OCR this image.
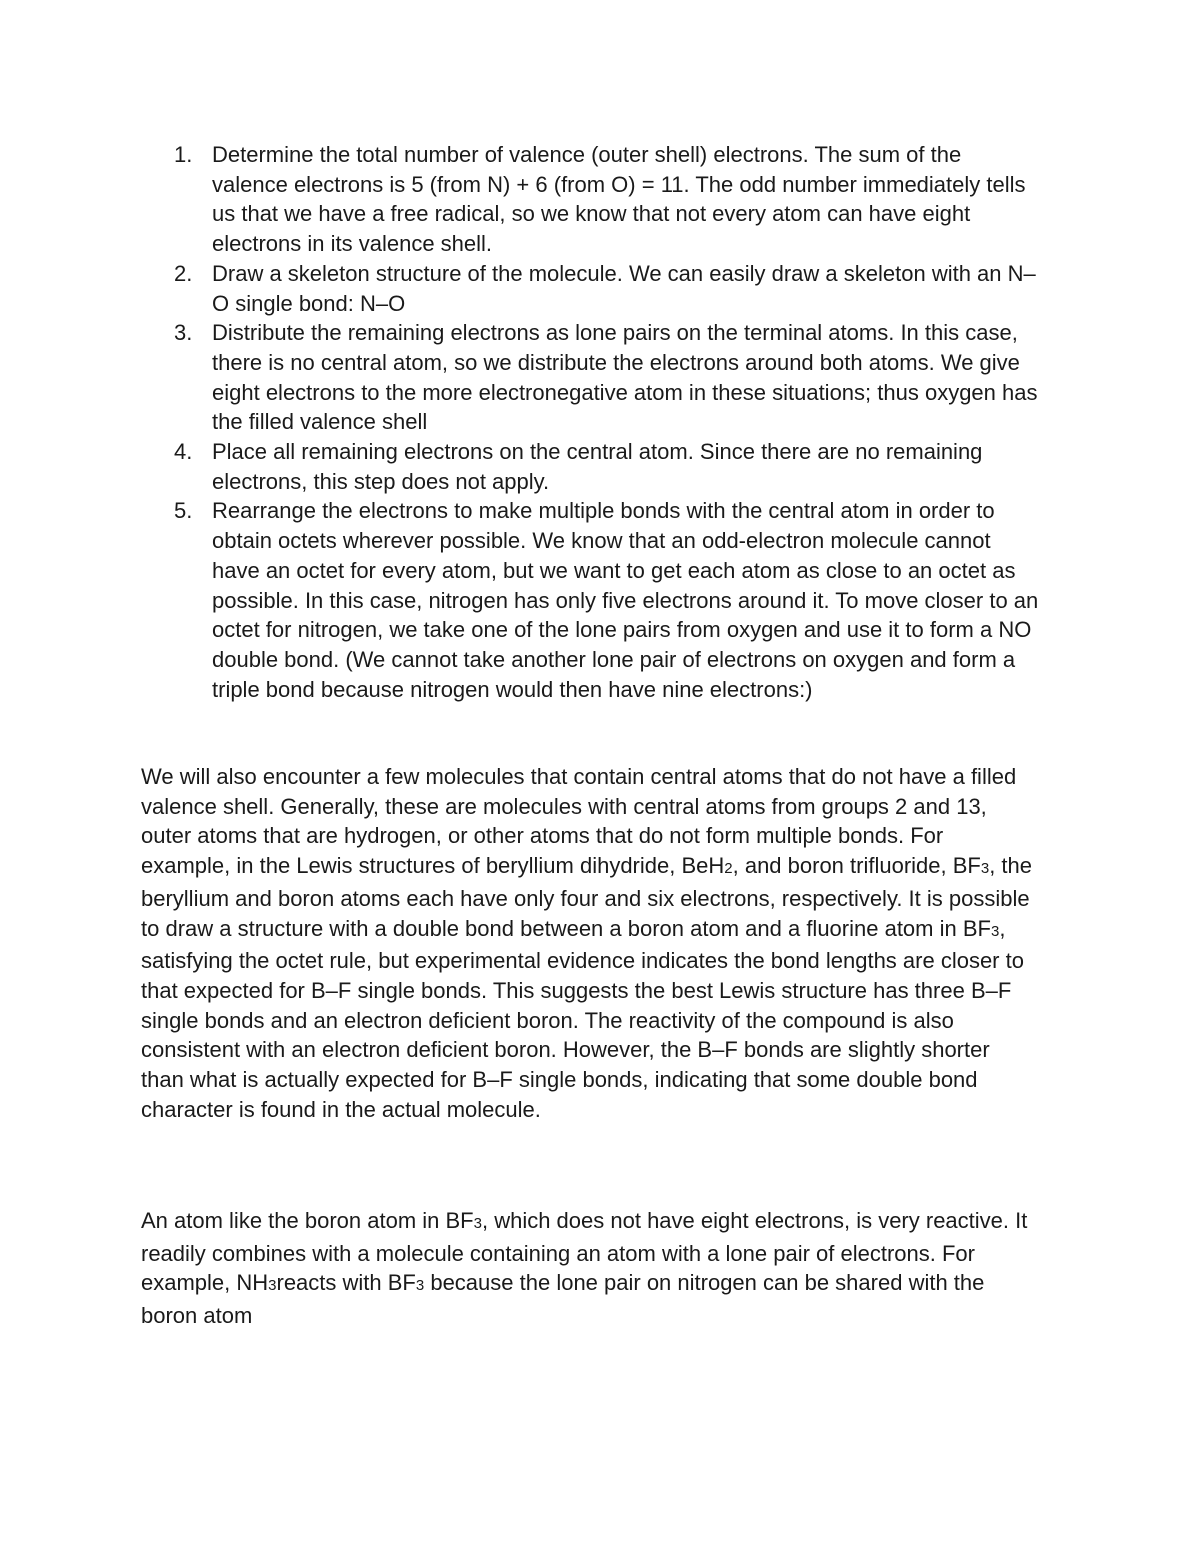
1. Determine the total number of valence (outer shell) electrons. The sum of the
valence electrons is 5 (from N) + 6 (from O) = 11. The odd number immediately tells
us that we have a free radical, so we know that not every atom can have eight
electrons in its valence shell.
2. Draw a skeleton structure of the molecule. We can easily draw a skeleton with an N–
O single bond: N–O
3. Distribute the remaining electrons as lone pairs on the terminal atoms. In this case,
there is no central atom, so we distribute the electrons around both atoms. We give
eight electrons to the more electronegative atom in these situations; thus oxygen has
the filled valence shell
4. Place all remaining electrons on the central atom. Since there are no remaining
electrons, this step does not apply.
5. Rearrange the electrons to make multiple bonds with the central atom in order to
obtain octets wherever possible. We know that an odd-electron molecule cannot
have an octet for every atom, but we want to get each atom as close to an octet as
possible. In this case, nitrogen has only five electrons around it. To move closer to an
octet for nitrogen, we take one of the lone pairs from oxygen and use it to form a NO
double bond. (We cannot take another lone pair of electrons on oxygen and form a
triple bond because nitrogen would then have nine electrons:)

We will also encounter a few molecules that contain central atoms that do not have a filled
valence shell. Generally, these are molecules with central atoms from groups 2 and 13,
outer atoms that are hydrogen, or other atoms that do not form multiple bonds. For
example, in the Lewis structures of beryllium dihydride, BeH2, and boron trifluoride, BF3, the
beryllium and boron atoms each have only four and six electrons, respectively. It is possible
to draw a structure with a double bond between a boron atom and a fluorine atom in BF3,
satisfying the octet rule, but experimental evidence indicates the bond lengths are closer to
that expected for B–F single bonds. This suggests the best Lewis structure has three B–F
single bonds and an electron deficient boron. The reactivity of the compound is also
consistent with an electron deficient boron. However, the B–F bonds are slightly shorter
than what is actually expected for B–F single bonds, indicating that some double bond
character is found in the actual molecule.

An atom like the boron atom in BF3, which does not have eight electrons, is very reactive. It
readily combines with a molecule containing an atom with a lone pair of electrons. For
example, NH3reacts with BF3 because the lone pair on nitrogen can be shared with the
boron atom
